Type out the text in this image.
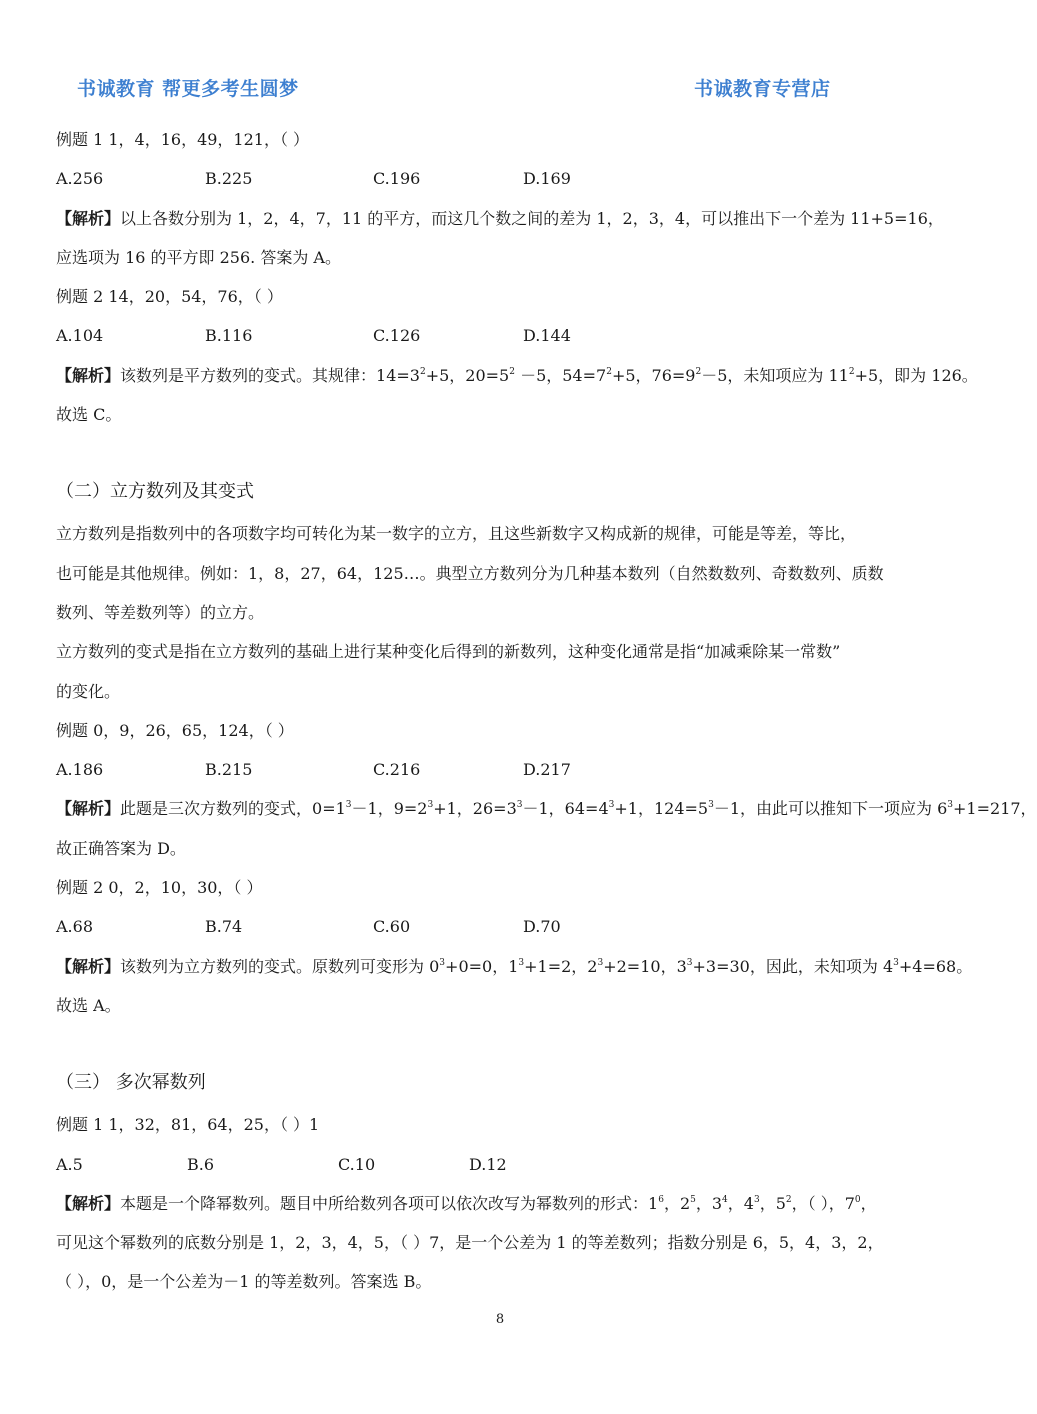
书诚教育 帮更多考生圆梦	书诚教育专营店
例题 1 1，4，16，49，121，（ ）
A.256	B.225	C.196	D.169
【解析】以上各数分别为 1，2，4，7，11 的平方，而这几个数之间的差为 1，2，3，4，可以推出下一个差为 11+5=16，
应选项为 16 的平方即 256. 答案为 A。
例题 2 14，20，54，76，（ ）
A.104	B.116	C.126	D.144
【解析】该数列是平方数列的变式。其规律：$14=3^2+5$，$20=5^2 -5$，$54=7^2+5$，$76=9^2-5$，未知项应为 $11^2+5$，即为 126。
故选 C。
（二）立方数列及其变式
立方数列是指数列中的各项数字均可转化为某一数字的立方，且这些新数字又构成新的规律，可能是等差，等比，
也可能是其他规律。例如：1，8，27，64，125…。典型立方数列分为几种基本数列（自然数数列、奇数数列、质数
数列、等差数列等）的立方。
立方数列的变式是指在立方数列的基础上进行某种变化后得到的新数列，这种变化通常是指“加减乘除某一常数”
的变化。
例题 0，9，26，65，124，（ ）
A.186	B.215	C.216	D.217
【解析】此题是三次方数列的变式，$0=1^3-1$，$9=2^3+1$，$26=3^3-1$，$64=4^3+1$，$124=5^3-1$，由此可以推知下一项应为 $6^3+1=217$，
故正确答案为 D。
例题 2 0，2，10，30，（ ）
A.68	B.74	C.60	D.70
【解析】该数列为立方数列的变式。原数列可变形为 $0^3+0=0$，$1^3+1=2$，$2^3+2=10$，$3^3+3=30$，因此，未知项为 $4^3+4=68$。
故选 A。
（三） 多次幂数列
例题 1 1，32，81，64，25，（ ）1
A.5	B.6	C.10	D.12
【解析】本题是一个降幂数列。题目中所给数列各项可以依次改写为幂数列的形式：$1^6$，$2^5$，$3^4$，$4^3$，$5^2$，（ ），$7^0$，
可见这个幂数列的底数分别是 1，2，3，4，5，（ ）7，是一个公差为 1 的等差数列；指数分别是 6，5，4，3，2，
（ ），0，是一个公差为－1 的等差数列。答案选 B。
8
